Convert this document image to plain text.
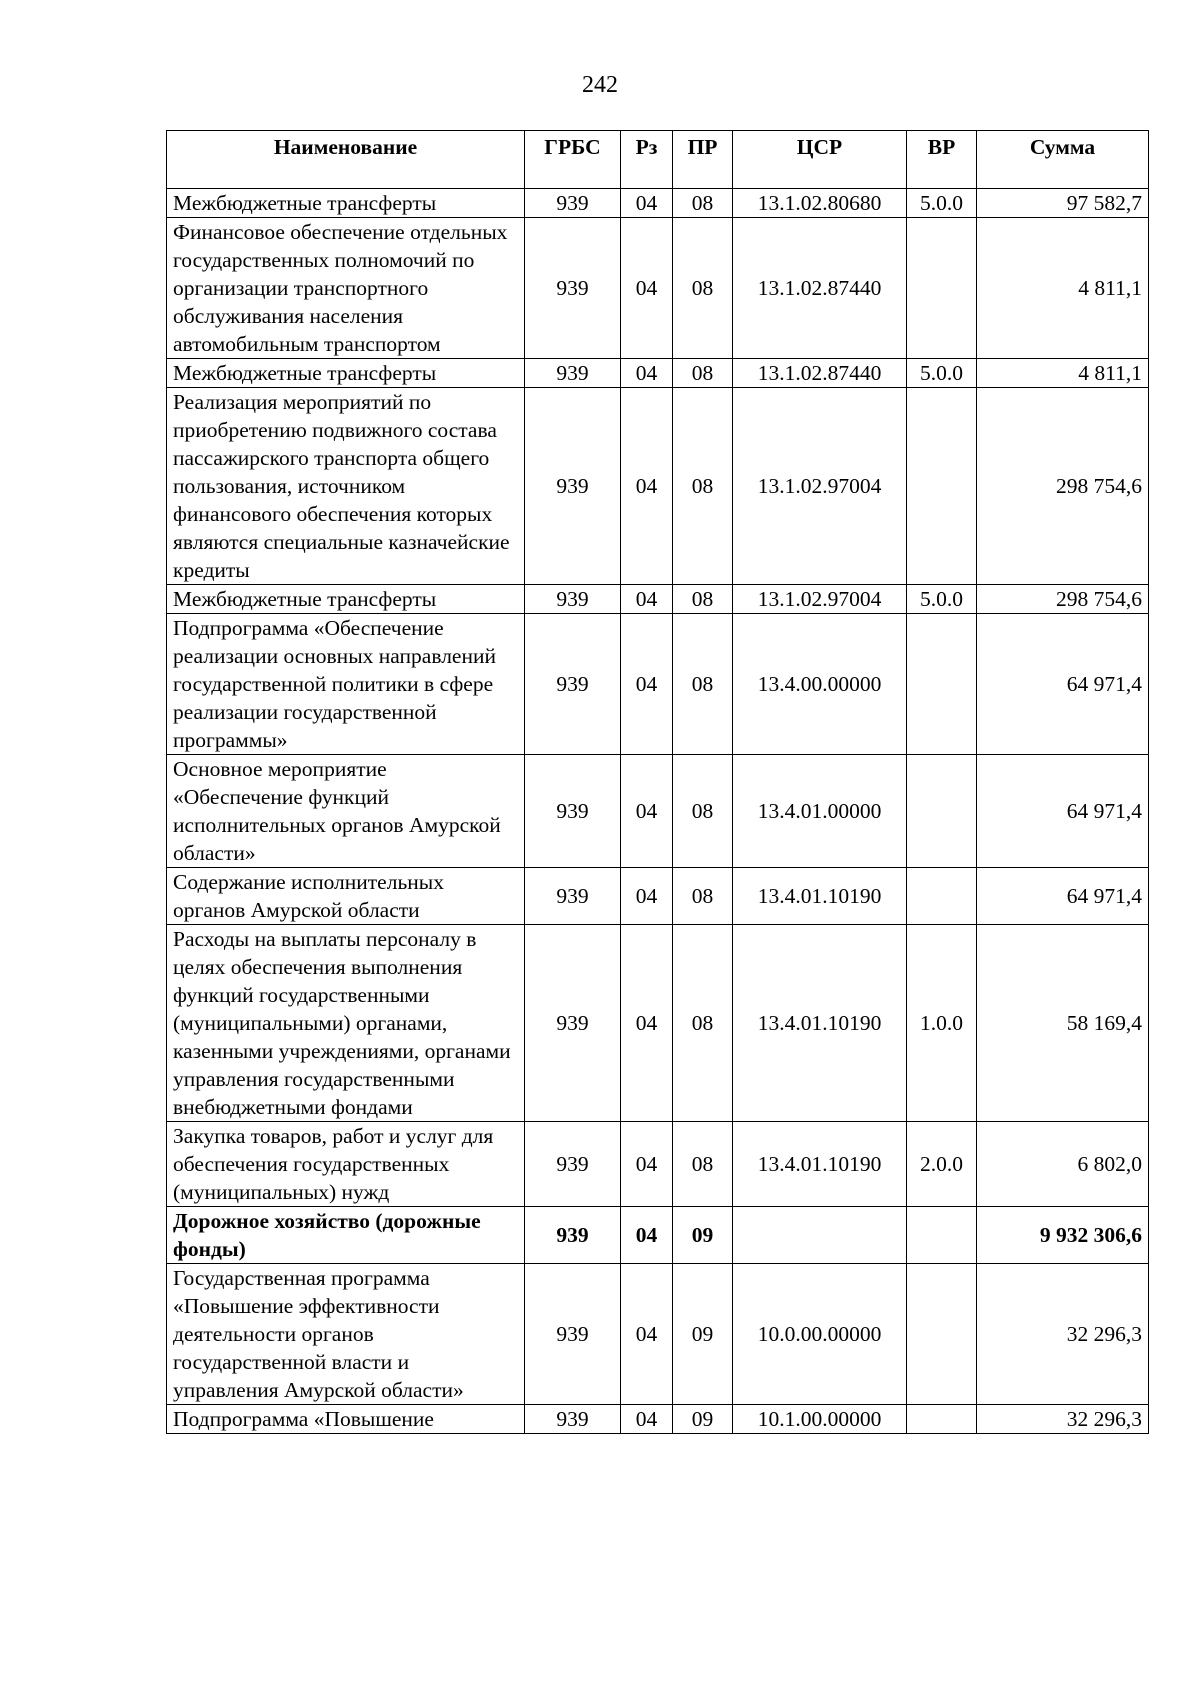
242
Наименование	ГРБС	Рз	ПР	ЦСР	ВР	Сумма
Межбюджетные трансферты	939	04	08	13.1.02.80680	5.0.0	97 582,7
Финансовое обеспечение отдельных государственных полномочий по организации транспортного обслуживания населения автомобильным транспортом	939	04	08	13.1.02.87440		4 811,1
Межбюджетные трансферты	939	04	08	13.1.02.87440	5.0.0	4 811,1
Реализация мероприятий по приобретению подвижного состава пассажирского транспорта общего пользования, источником финансового обеспечения которых являются специальные казначейские кредиты	939	04	08	13.1.02.97004		298 754,6
Межбюджетные трансферты	939	04	08	13.1.02.97004	5.0.0	298 754,6
Подпрограмма «Обеспечение реализации основных направлений государственной политики в сфере реализации государственной программы»	939	04	08	13.4.00.00000		64 971,4
Основное мероприятие «Обеспечение функций исполнительных органов Амурской области»	939	04	08	13.4.01.00000		64 971,4
Содержание исполнительных органов Амурской области	939	04	08	13.4.01.10190		64 971,4
Расходы на выплаты персоналу в целях обеспечения выполнения функций государственными (муниципальными) органами, казенными учреждениями, органами управления государственными внебюджетными фондами	939	04	08	13.4.01.10190	1.0.0	58 169,4
Закупка товаров, работ и услуг для обеспечения государственных (муниципальных) нужд	939	04	08	13.4.01.10190	2.0.0	6 802,0
Дорожное хозяйство (дорожные фонды)	939	04	09			9 932 306,6
Государственная программа «Повышение эффективности деятельности органов государственной власти и управления Амурской области»	939	04	09	10.0.00.00000		32 296,3
Подпрограмма «Повышение	939	04	09	10.1.00.00000		32 296,3
